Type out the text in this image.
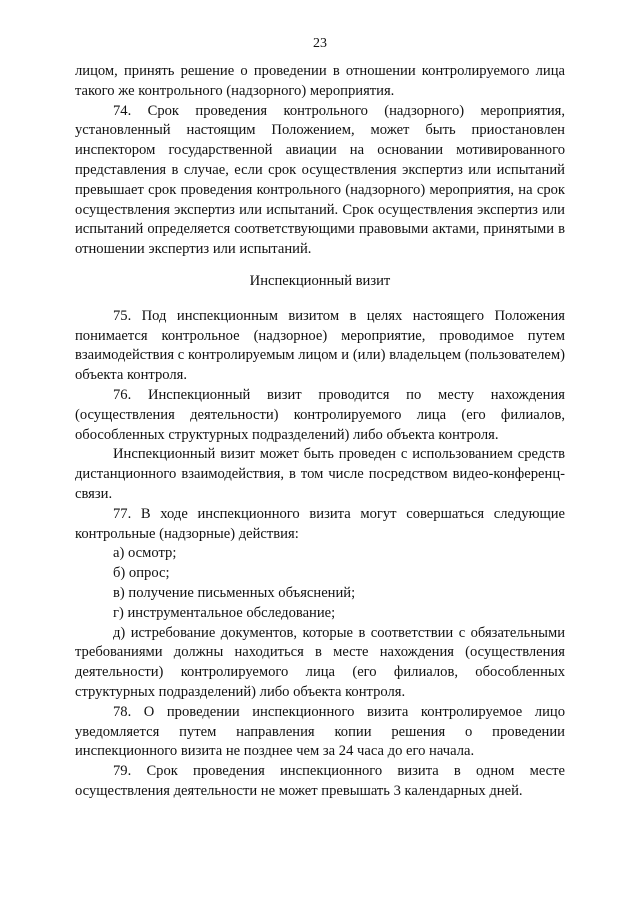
23

лицом, принять решение о проведении в отношении контролируемого лица такого же контрольного (надзорного) мероприятия.

74. Срок проведения контрольного (надзорного) мероприятия, установленный настоящим Положением, может быть приостановлен инспектором государственной авиации на основании мотивированного представления в случае, если срок осуществления экспертиз или испытаний превышает срок проведения контрольного (надзорного) мероприятия, на срок осуществления экспертиз или испытаний. Срок осуществления экспертиз или испытаний определяется соответствующими правовыми актами, принятыми в отношении экспертиз или испытаний.

Инспекционный визит

75. Под инспекционным визитом в целях настоящего Положения понимается контрольное (надзорное) мероприятие, проводимое путем взаимодействия с контролируемым лицом и (или) владельцем (пользователем) объекта контроля.

76. Инспекционный визит проводится по месту нахождения (осуществления деятельности) контролируемого лица (его филиалов, обособленных структурных подразделений) либо объекта контроля.

Инспекционный визит может быть проведен с использованием средств дистанционного взаимодействия, в том числе посредством видео-конференц-связи.

77. В ходе инспекционного визита могут совершаться следующие контрольные (надзорные) действия:

а) осмотр;

б) опрос;

в) получение письменных объяснений;

г) инструментальное обследование;

д) истребование документов, которые в соответствии с обязательными требованиями должны находиться в месте нахождения (осуществления деятельности) контролируемого лица (его филиалов, обособленных структурных подразделений) либо объекта контроля.

78. О проведении инспекционного визита контролируемое лицо уведомляется путем направления копии решения о проведении инспекционного визита не позднее чем за 24 часа до его начала.

79. Срок проведения инспекционного визита в одном месте осуществления деятельности не может превышать 3 календарных дней.
